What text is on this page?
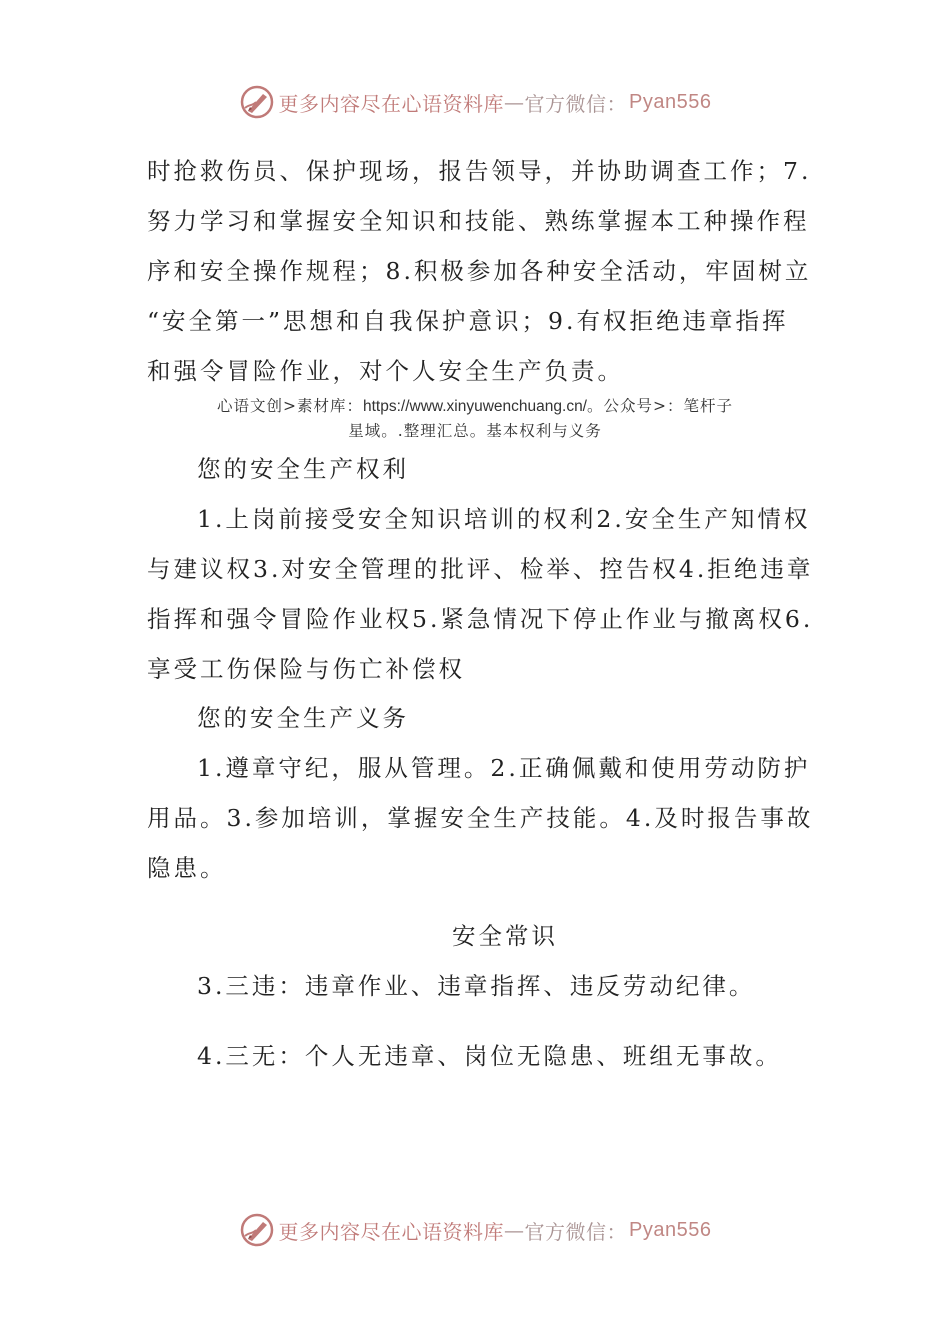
更多内容尽在心语资料库 — 官方微信： Pyan556
时抢救伤员、保护现场，报告领导，并协助调查工作；7.
努力学习和掌握安全知识和技能、熟练掌握本工种操作程
序和安全操作规程；8.积极参加各种安全活动，牢固树立
“安全第一”思想和自我保护意识；9.有权拒绝违章指挥
和强令冒险作业，对个人安全生产负责。
心语文创>素材库：https://www.xinyuwenchuang.cn/。公众号>：笔杆子
星域。.整理汇总。基本权利与义务
您的安全生产权利
1.上岗前接受安全知识培训的权利2.安全生产知情权
与建议权3.对安全管理的批评、检举、控告权4.拒绝违章
指挥和强令冒险作业权5.紧急情况下停止作业与撤离权6.
享受工伤保险与伤亡补偿权
您的安全生产义务
1.遵章守纪，服从管理。2.正确佩戴和使用劳动防护
用品。3.参加培训，掌握安全生产技能。4.及时报告事故
隐患。
安全常识
3.三违：违章作业、违章指挥、违反劳动纪律。
4.三无：个人无违章、岗位无隐患、班组无事故。
更多内容尽在心语资料库 — 官方微信： Pyan556
